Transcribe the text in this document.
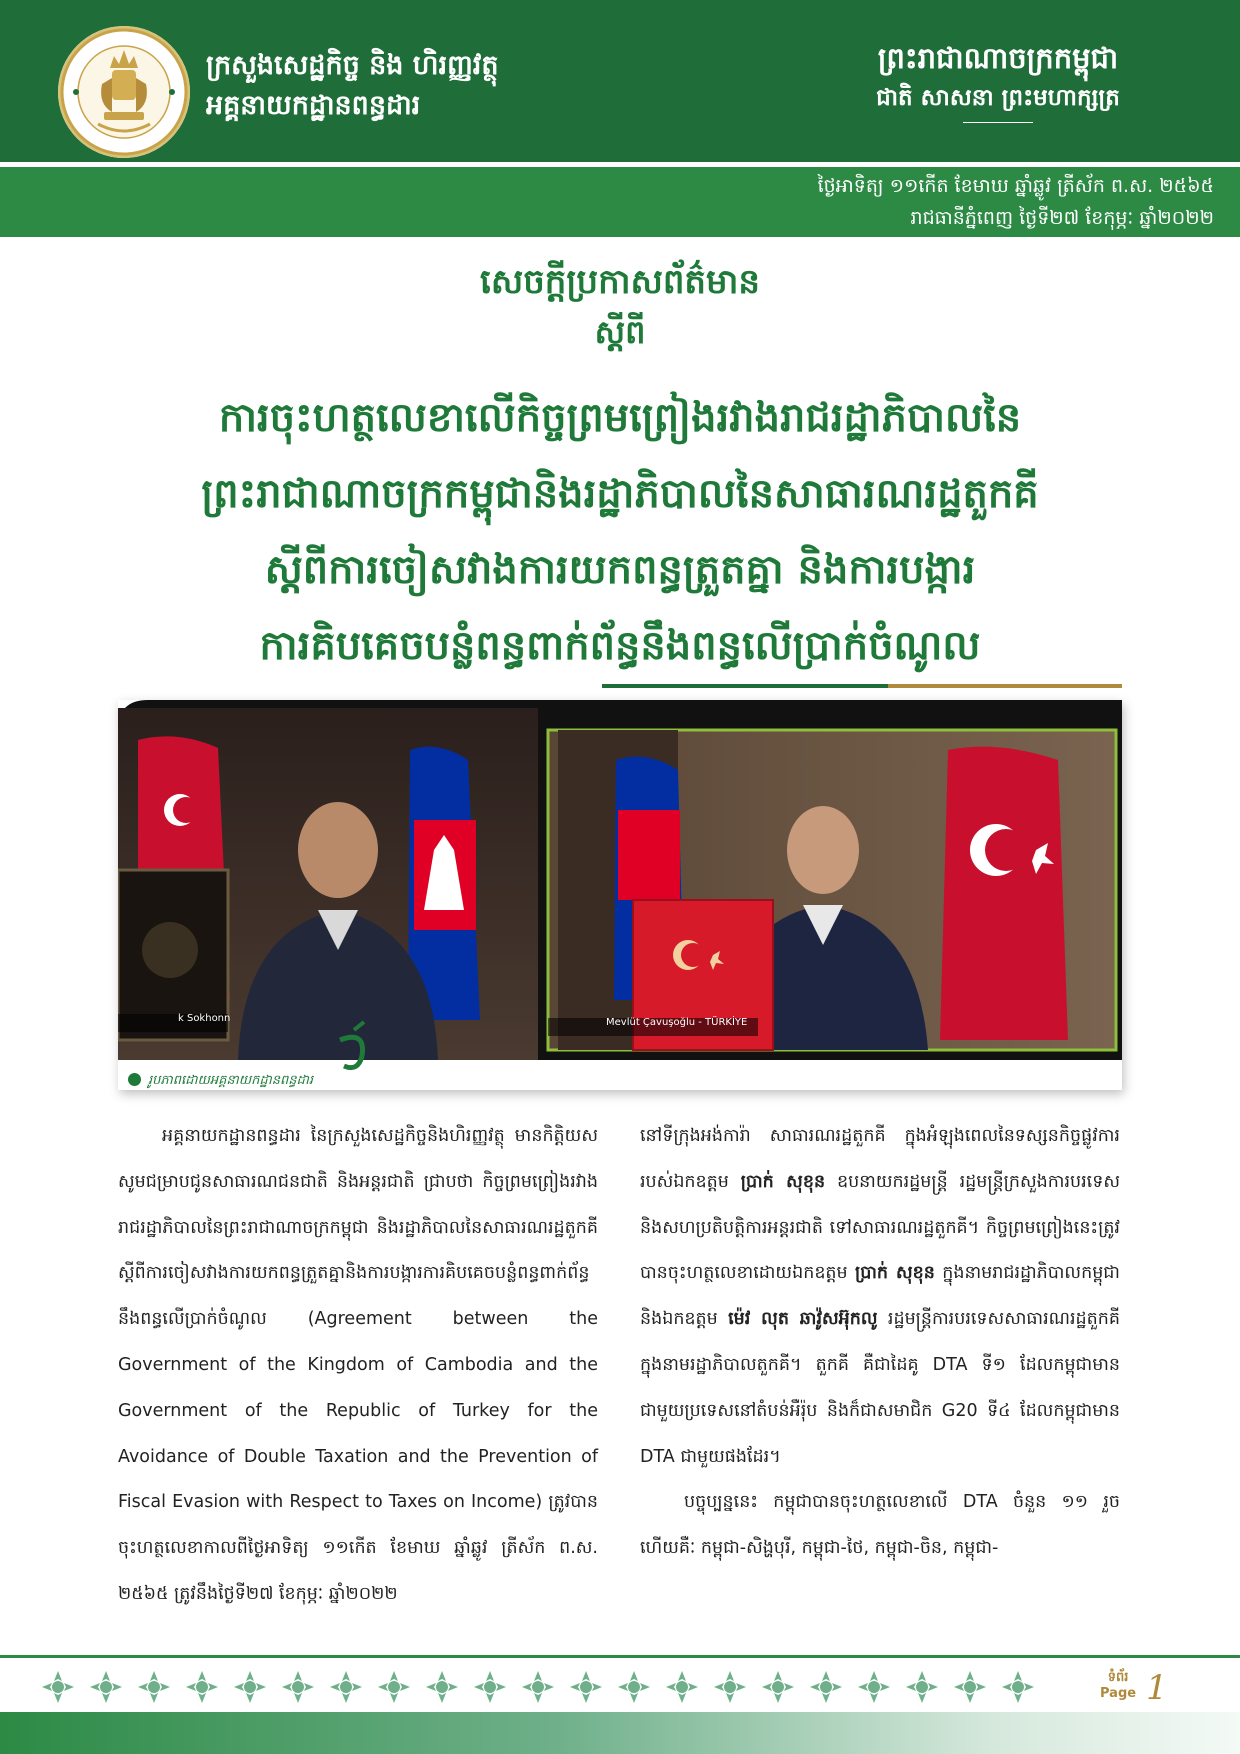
ក្រសួងសេដ្ឋកិច្ច និង ហិរញ្ញវត្ថុ
អគ្គនាយកដ្ឋានពន្ធដារ
ព្រះរាជាណាចក្រកម្ពុជា
ជាតិ សាសនា ព្រះមហាក្សត្រ
ថ្ងៃអាទិត្យ ១១កើត ខែមាឃ ឆ្នាំឆ្លូវ ត្រីស័ក ព.ស. ២៥៦៥
រាជធានីភ្នំពេញ ថ្ងៃទី២៧ ខែកុម្ភៈ ឆ្នាំ២០២២
សេចក្តីប្រកាសព័ត៌មាន
ស្តីពី
ការចុះហត្ថលេខាលើកិច្ចព្រមព្រៀងរវាងរាជរដ្ឋាភិបាលនៃ
ព្រះរាជាណាចក្រកម្ពុជានិងរដ្ឋាភិបាលនៃសាធារណរដ្ឋតួកគី
ស្តីពីការចៀសវាងការយកពន្ធត្រួតគ្នា និងការបង្ការ
ការគិបគេចបន្លំពន្ធពាក់ព័ន្ធនឹងពន្ធលើប្រាក់ចំណូល
k Sokhonn	Mevlüt Çavuşoğlu - TÜRKİYE
រូបភាពដោយអគ្គនាយកដ្ឋានពន្ធដារ

អគ្គនាយកដ្ឋានពន្ធដារ នៃក្រសួងសេដ្ឋកិច្ចនិងហិរញ្ញវត្ថុ មានកិត្តិយសសូមជម្រាបជូនសាធារណជនជាតិ និងអន្តរជាតិ ជ្រាបថា កិច្ចព្រមព្រៀងរវាងរាជរដ្ឋាភិបាលនៃព្រះរាជាណាចក្រកម្ពុជា និងរដ្ឋាភិបាលនៃសាធារណរដ្ឋតួកគី ស្តីពីការចៀសវាងការយកពន្ធត្រួតគ្នានិងការបង្ការការគិបគេចបន្លំពន្ធពាក់ព័ន្ធនឹងពន្ធលើប្រាក់ចំណូល (Agreement between the Government of the Kingdom of Cambodia and the Government of the Republic of Turkey for the Avoidance of Double Taxation and the Prevention of Fiscal Evasion with Respect to Taxes on Income) ត្រូវបានចុះហត្ថលេខាកាលពីថ្ងៃអាទិត្យ ១១កើត ខែមាឃ ឆ្នាំឆ្លូវ ត្រីស័ក ព.ស. ២៥៦៥ ត្រូវនឹងថ្ងៃទី២៧ ខែកុម្ភៈ ឆ្នាំ២០២២

នៅទីក្រុងអង់ការ៉ា សាធារណរដ្ឋតួកគី ក្នុងអំឡុងពេលនៃទស្សនកិច្ចផ្លូវការរបស់ឯកឧត្តម ប្រាក់ សុខុន ឧបនាយករដ្ឋមន្ត្រី រដ្ឋមន្ត្រីក្រសួងការបរទេសនិងសហប្រតិបត្តិការអន្តរជាតិ ទៅសាធារណរដ្ឋតួកគី។ កិច្ចព្រមព្រៀងនេះត្រូវបានចុះហត្ថលេខាដោយឯកឧត្តម ប្រាក់ សុខុន ក្នុងនាមរាជរដ្ឋាភិបាលកម្ពុជា និងឯកឧត្តម ម៉េវ លុត ឆាវ៉ូសអ៊ុកលូ រដ្ឋមន្ត្រីការបរទេសសាធារណរដ្ឋតួកគី ក្នុងនាមរដ្ឋាភិបាលតួកគី។ តួកគី គឺជាដៃគូ DTA ទី១ ដែលកម្ពុជាមានជាមួយប្រទេសនៅតំបន់អឺរ៉ុប និងក៏ជាសមាជិក G20 ទី៤ ដែលកម្ពុជាមាន DTA ជាមួយផងដែរ។

បច្ចុប្បន្ននេះ កម្ពុជាបានចុះហត្ថលេខាលើ DTA ចំនួន ១១ រួចហើយគឺៈ កម្ពុជា-សិង្ហបុរី, កម្ពុជា-ថៃ, កម្ពុជា-ចិន, កម្ពុជា-

ទំព័រ
Page 1
